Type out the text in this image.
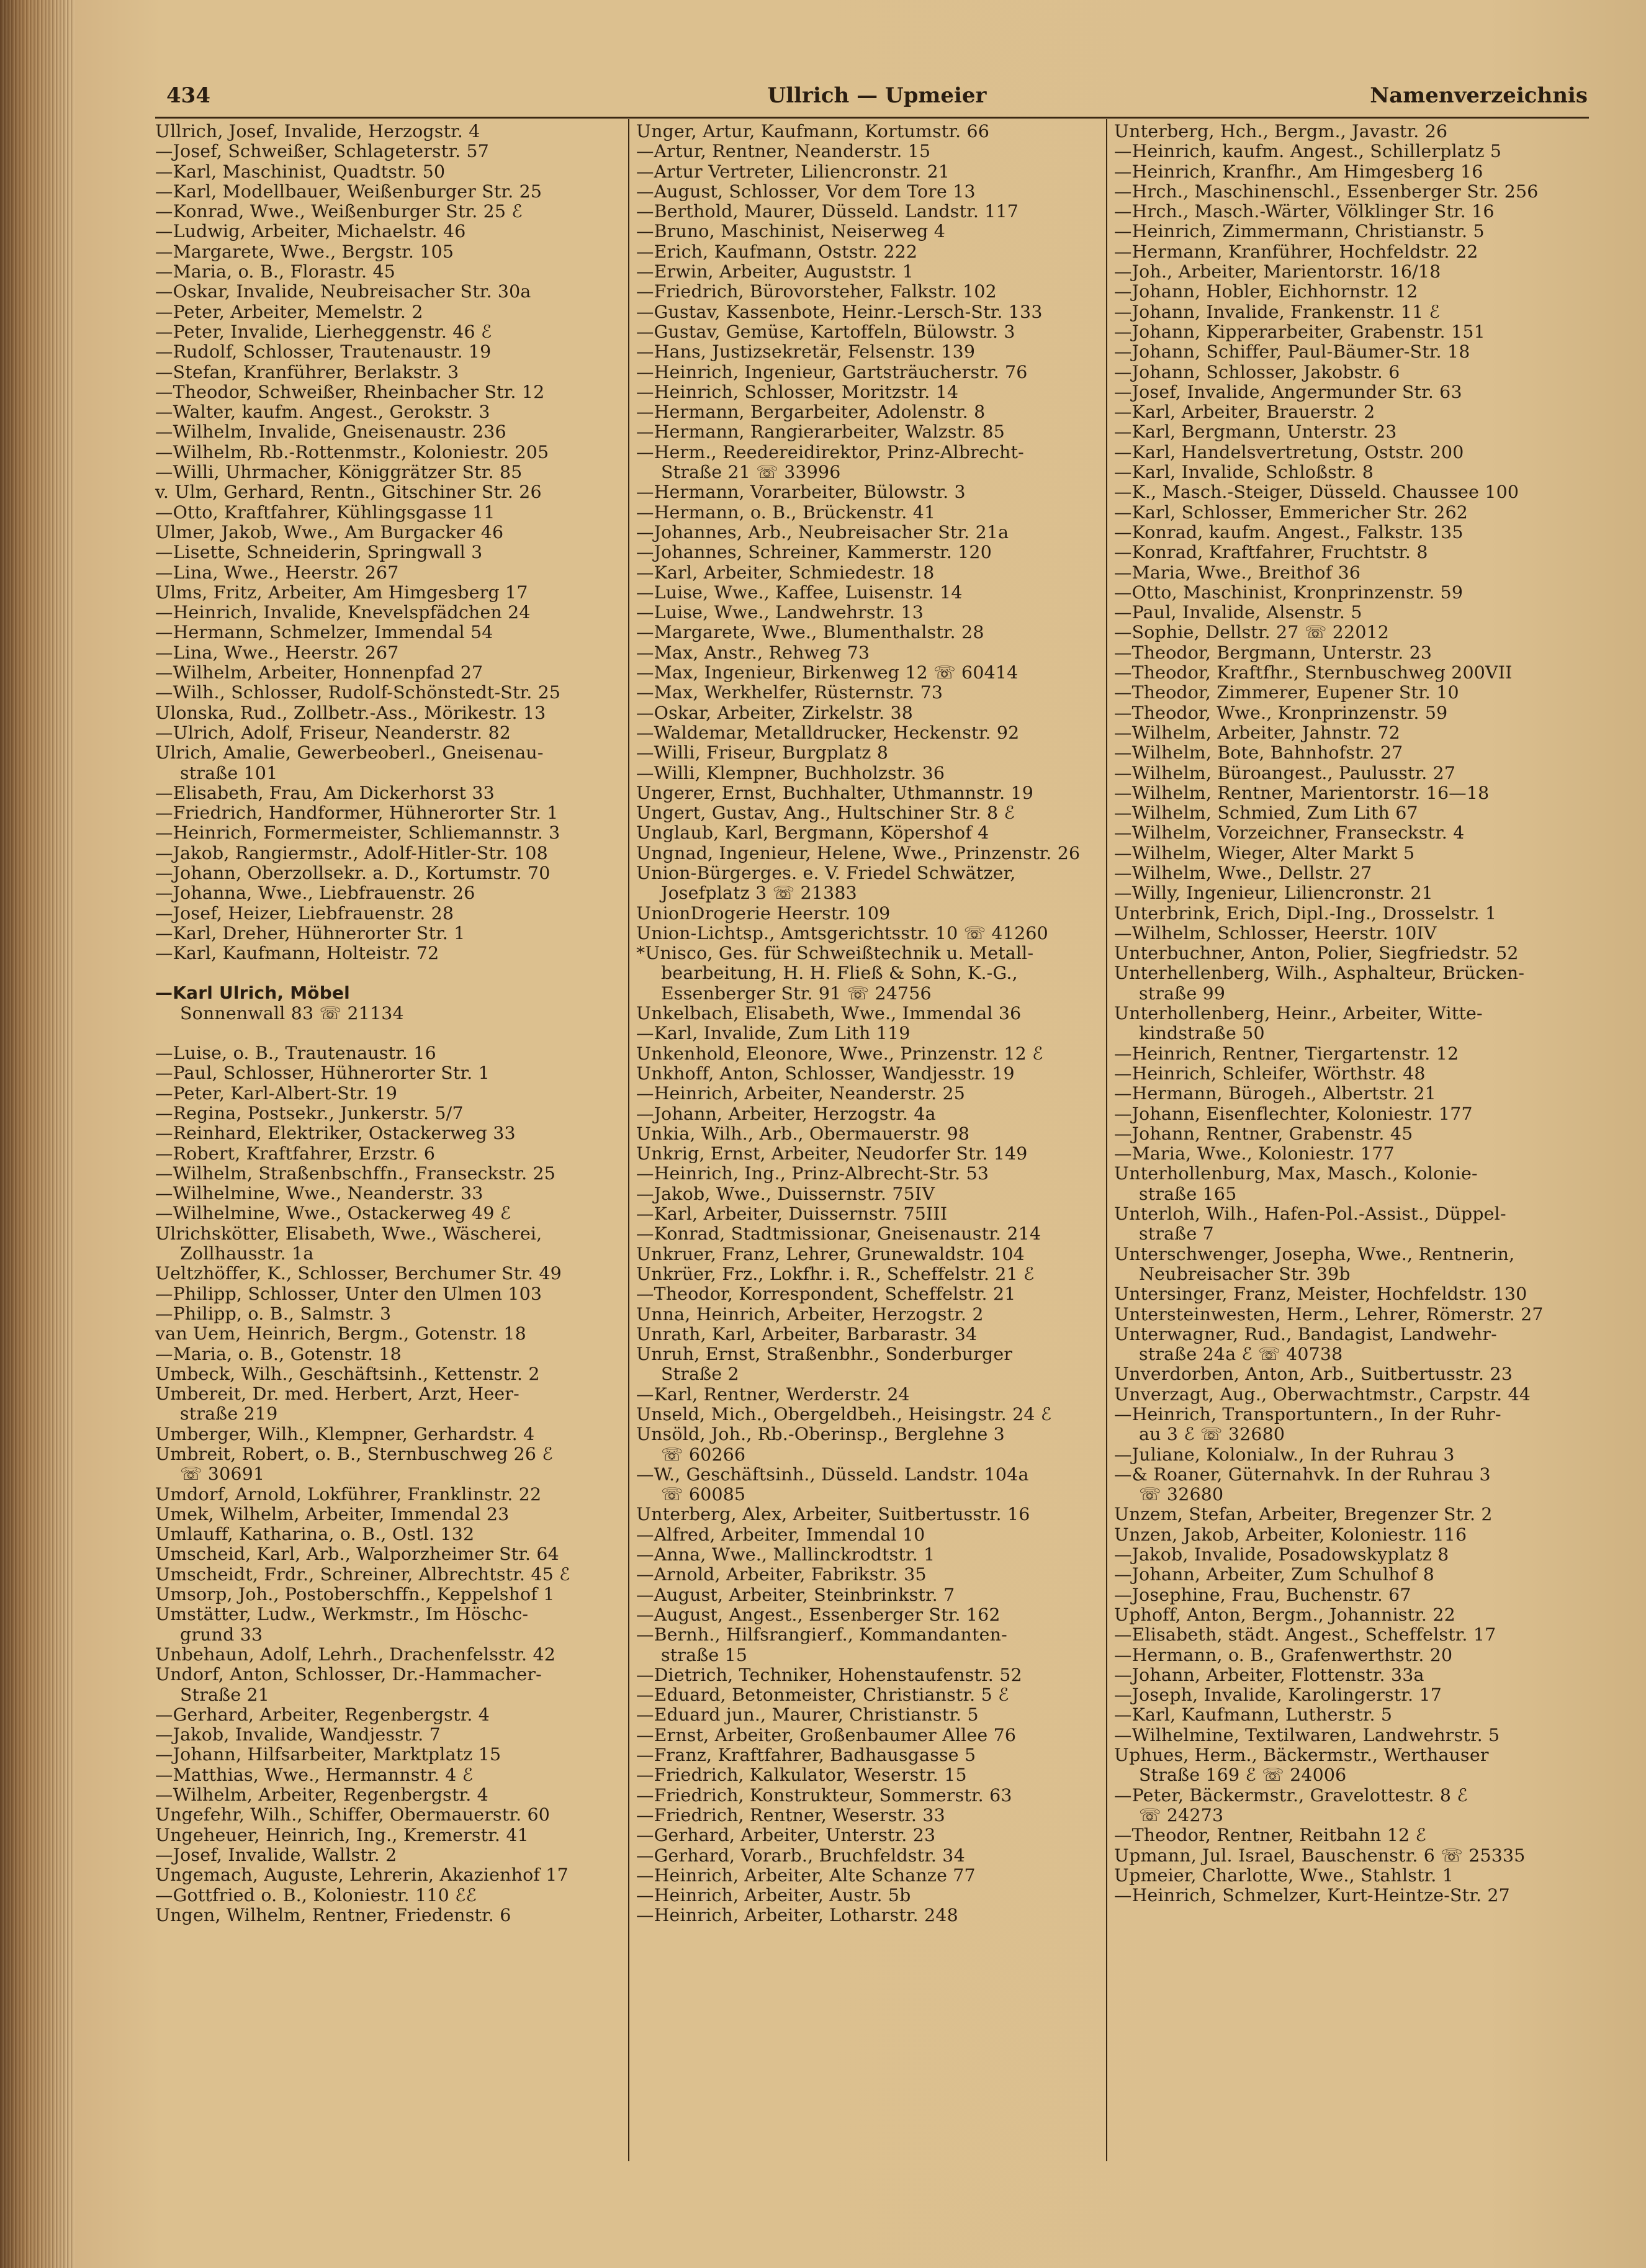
434	Ullrich — Upmeier	Namenverzeichnis
Ullrich, Josef, Invalide, Herzogstr. 4
—Josef, Schweißer, Schlageterstr. 57
—Karl, Maschinist, Quadtstr. 50
—Karl, Modellbauer, Weißenburger Str. 25
—Konrad, Wwe., Weißenburger Str. 25 ℰ
—Ludwig, Arbeiter, Michaelstr. 46
—Margarete, Wwe., Bergstr. 105
—Maria, o. B., Florastr. 45
—Oskar, Invalide, Neubreisacher Str. 30a
—Peter, Arbeiter, Memelstr. 2
—Peter, Invalide, Lierheggenstr. 46 ℰ
—Rudolf, Schlosser, Trautenaustr. 19
—Stefan, Kranführer, Berlakstr. 3
—Theodor, Schweißer, Rheinbacher Str. 12
—Walter, kaufm. Angest., Gerokstr. 3
—Wilhelm, Invalide, Gneisenaustr. 236
—Wilhelm, Rb.-Rottenmstr., Koloniestr. 205
—Willi, Uhrmacher, Königgrätzer Str. 85
v. Ulm, Gerhard, Rentn., Gitschiner Str. 26
—Otto, Kraftfahrer, Kühlingsgasse 11
Ulmer, Jakob, Wwe., Am Burgacker 46
—Lisette, Schneiderin, Springwall 3
—Lina, Wwe., Heerstr. 267
Ulms, Fritz, Arbeiter, Am Himgesberg 17
—Heinrich, Invalide, Knevelspfädchen 24
—Hermann, Schmelzer, Immendal 54
—Lina, Wwe., Heerstr. 267
—Wilhelm, Arbeiter, Honnenpfad 27
—Wilh., Schlosser, Rudolf-Schönstedt-Str. 25
Ulonska, Rud., Zollbetr.-Ass., Mörikestr. 13
—Ulrich, Adolf, Friseur, Neanderstr. 82
Ulrich, Amalie, Gewerbeoberl., Gneisenau-
straße 101
—Elisabeth, Frau, Am Dickerhorst 33
—Friedrich, Handformer, Hühnerorter Str. 1
—Heinrich, Formermeister, Schliemannstr. 3
—Jakob, Rangiermstr., Adolf-Hitler-Str. 108
—Johann, Oberzollsekr. a. D., Kortumstr. 70
—Johanna, Wwe., Liebfrauenstr. 26
—Josef, Heizer, Liebfrauenstr. 28
—Karl, Dreher, Hühnerorter Str. 1
—Karl, Kaufmann, Holteistr. 72
—Karl Ulrich, Möbel
Sonnenwall 83 ☏ 21134
—Luise, o. B., Trautenaustr. 16
—Paul, Schlosser, Hühnerorter Str. 1
—Peter, Karl-Albert-Str. 19
—Regina, Postsekr., Junkerstr. 5/7
—Reinhard, Elektriker, Ostackerweg 33
—Robert, Kraftfahrer, Erzstr. 6
—Wilhelm, Straßenbschffn., Franseckstr. 25
—Wilhelmine, Wwe., Neanderstr. 33
—Wilhelmine, Wwe., Ostackerweg 49 ℰ
Ulrichskötter, Elisabeth, Wwe., Wäscherei,
Zollhausstr. 1a
Ueltzhöffer, K., Schlosser, Berchumer Str. 49
—Philipp, Schlosser, Unter den Ulmen 103
—Philipp, o. B., Salmstr. 3
van Uem, Heinrich, Bergm., Gotenstr. 18
—Maria, o. B., Gotenstr. 18
Umbeck, Wilh., Geschäftsinh., Kettenstr. 2
Umbereit, Dr. med. Herbert, Arzt, Heer-
straße 219
Umberger, Wilh., Klempner, Gerhardstr. 4
Umbreit, Robert, o. B., Sternbuschweg 26 ℰ
☏ 30691
Umdorf, Arnold, Lokführer, Franklinstr. 22
Umek, Wilhelm, Arbeiter, Immendal 23
Umlauff, Katharina, o. B., Ostl. 132
Umscheid, Karl, Arb., Walporzheimer Str. 64
Umscheidt, Frdr., Schreiner, Albrechtstr. 45 ℰ
Umsorp, Joh., Postoberschffn., Keppelshof 1
Umstätter, Ludw., Werkmstr., Im Höschc-
grund 33
Unbehaun, Adolf, Lehrh., Drachenfelsstr. 42
Undorf, Anton, Schlosser, Dr.-Hammacher-
Straße 21
—Gerhard, Arbeiter, Regenbergstr. 4
—Jakob, Invalide, Wandjesstr. 7
—Johann, Hilfsarbeiter, Marktplatz 15
—Matthias, Wwe., Hermannstr. 4 ℰ
—Wilhelm, Arbeiter, Regenbergstr. 4
Ungefehr, Wilh., Schiffer, Obermauerstr. 60
Ungeheuer, Heinrich, Ing., Kremerstr. 41
—Josef, Invalide, Wallstr. 2
Ungemach, Auguste, Lehrerin, Akazienhof 17
—Gottfried o. B., Koloniestr. 110 ℰℰ
Ungen, Wilhelm, Rentner, Friedenstr. 6
Unger, Artur, Kaufmann, Kortumstr. 66
—Artur, Rentner, Neanderstr. 15
—Artur Vertreter, Liliencronstr. 21
—August, Schlosser, Vor dem Tore 13
—Berthold, Maurer, Düsseld. Landstr. 117
—Bruno, Maschinist, Neiserweg 4
—Erich, Kaufmann, Oststr. 222
—Erwin, Arbeiter, Auguststr. 1
—Friedrich, Bürovorsteher, Falkstr. 102
—Gustav, Kassenbote, Heinr.-Lersch-Str. 133
—Gustav, Gemüse, Kartoffeln, Bülowstr. 3
—Hans, Justizsekretär, Felsenstr. 139
—Heinrich, Ingenieur, Gartsträucherstr. 76
—Heinrich, Schlosser, Moritzstr. 14
—Hermann, Bergarbeiter, Adolenstr. 8
—Hermann, Rangierarbeiter, Walzstr. 85
—Herm., Reedereidirektor, Prinz-Albrecht-
Straße 21 ☏ 33996
—Hermann, Vorarbeiter, Bülowstr. 3
—Hermann, o. B., Brückenstr. 41
—Johannes, Arb., Neubreisacher Str. 21a
—Johannes, Schreiner, Kammerstr. 120
—Karl, Arbeiter, Schmiedestr. 18
—Luise, Wwe., Kaffee, Luisenstr. 14
—Luise, Wwe., Landwehrstr. 13
—Margarete, Wwe., Blumenthalstr. 28
—Max, Anstr., Rehweg 73
—Max, Ingenieur, Birkenweg 12 ☏ 60414
—Max, Werkhelfer, Rüsternstr. 73
—Oskar, Arbeiter, Zirkelstr. 38
—Waldemar, Metalldrucker, Heckenstr. 92
—Willi, Friseur, Burgplatz 8
—Willi, Klempner, Buchholzstr. 36
Ungerer, Ernst, Buchhalter, Uthmannstr. 19
Ungert, Gustav, Ang., Hultschiner Str. 8 ℰ
Unglaub, Karl, Bergmann, Köpershof 4
Ungnad, Ingenieur, Helene, Wwe., Prinzenstr. 26
Union-Bürgerges. e. V. Friedel Schwätzer,
Josefplatz 3 ☏ 21383
UnionDrogerie Heerstr. 109
Union-Lichtsp., Amtsgerichtsstr. 10 ☏ 41260
*Unisco, Ges. für Schweißtechnik u. Metall-
bearbeitung, H. H. Fließ & Sohn, K.-G.,
Essenberger Str. 91 ☏ 24756
Unkelbach, Elisabeth, Wwe., Immendal 36
—Karl, Invalide, Zum Lith 119
Unkenhold, Eleonore, Wwe., Prinzenstr. 12 ℰ
Unkhoff, Anton, Schlosser, Wandjesstr. 19
—Heinrich, Arbeiter, Neanderstr. 25
—Johann, Arbeiter, Herzogstr. 4a
Unkia, Wilh., Arb., Obermauerstr. 98
Unkrig, Ernst, Arbeiter, Neudorfer Str. 149
—Heinrich, Ing., Prinz-Albrecht-Str. 53
—Jakob, Wwe., Duissernstr. 75IV
—Karl, Arbeiter, Duissernstr. 75III
—Konrad, Stadtmissionar, Gneisenaustr. 214
Unkruer, Franz, Lehrer, Grunewaldstr. 104
Unkrüer, Frz., Lokfhr. i. R., Scheffelstr. 21 ℰ
—Theodor, Korrespondent, Scheffelstr. 21
Unna, Heinrich, Arbeiter, Herzogstr. 2
Unrath, Karl, Arbeiter, Barbarastr. 34
Unruh, Ernst, Straßenbhr., Sonderburger
Straße 2
—Karl, Rentner, Werderstr. 24
Unseld, Mich., Obergeldbeh., Heisingstr. 24 ℰ
Unsöld, Joh., Rb.-Oberinsp., Berglehne 3
☏ 60266
—W., Geschäftsinh., Düsseld. Landstr. 104a
☏ 60085
Unterberg, Alex, Arbeiter, Suitbertusstr. 16
—Alfred, Arbeiter, Immendal 10
—Anna, Wwe., Mallinckrodtstr. 1
—Arnold, Arbeiter, Fabrikstr. 35
—August, Arbeiter, Steinbrinkstr. 7
—August, Angest., Essenberger Str. 162
—Bernh., Hilfsrangierf., Kommandanten-
straße 15
—Dietrich, Techniker, Hohenstaufenstr. 52
—Eduard, Betonmeister, Christianstr. 5 ℰ
—Eduard jun., Maurer, Christianstr. 5
—Ernst, Arbeiter, Großenbaumer Allee 76
—Franz, Kraftfahrer, Badhausgasse 5
—Friedrich, Kalkulator, Weserstr. 15
—Friedrich, Konstrukteur, Sommerstr. 63
—Friedrich, Rentner, Weserstr. 33
—Gerhard, Arbeiter, Unterstr. 23
—Gerhard, Vorarb., Bruchfeldstr. 34
—Heinrich, Arbeiter, Alte Schanze 77
—Heinrich, Arbeiter, Austr. 5b
—Heinrich, Arbeiter, Lotharstr. 248
Unterberg, Hch., Bergm., Javastr. 26
—Heinrich, kaufm. Angest., Schillerplatz 5
—Heinrich, Kranfhr., Am Himgesberg 16
—Hrch., Maschinenschl., Essenberger Str. 256
—Hrch., Masch.-Wärter, Völklinger Str. 16
—Heinrich, Zimmermann, Christianstr. 5
—Hermann, Kranführer, Hochfeldstr. 22
—Joh., Arbeiter, Marientorstr. 16/18
—Johann, Hobler, Eichhornstr. 12
—Johann, Invalide, Frankenstr. 11 ℰ
—Johann, Kipperarbeiter, Grabenstr. 151
—Johann, Schiffer, Paul-Bäumer-Str. 18
—Johann, Schlosser, Jakobstr. 6
—Josef, Invalide, Angermunder Str. 63
—Karl, Arbeiter, Brauerstr. 2
—Karl, Bergmann, Unterstr. 23
—Karl, Handelsvertretung, Oststr. 200
—Karl, Invalide, Schloßstr. 8
—K., Masch.-Steiger, Düsseld. Chaussee 100
—Karl, Schlosser, Emmericher Str. 262
—Konrad, kaufm. Angest., Falkstr. 135
—Konrad, Kraftfahrer, Fruchtstr. 8
—Maria, Wwe., Breithof 36
—Otto, Maschinist, Kronprinzenstr. 59
—Paul, Invalide, Alsenstr. 5
—Sophie, Dellstr. 27 ☏ 22012
—Theodor, Bergmann, Unterstr. 23
—Theodor, Kraftfhr., Sternbuschweg 200VII
—Theodor, Zimmerer, Eupener Str. 10
—Theodor, Wwe., Kronprinzenstr. 59
—Wilhelm, Arbeiter, Jahnstr. 72
—Wilhelm, Bote, Bahnhofstr. 27
—Wilhelm, Büroangest., Paulusstr. 27
—Wilhelm, Rentner, Marientorstr. 16—18
—Wilhelm, Schmied, Zum Lith 67
—Wilhelm, Vorzeichner, Franseckstr. 4
—Wilhelm, Wieger, Alter Markt 5
—Wilhelm, Wwe., Dellstr. 27
—Willy, Ingenieur, Liliencronstr. 21
Unterbrink, Erich, Dipl.-Ing., Drosselstr. 1
—Wilhelm, Schlosser, Heerstr. 10IV
Unterbuchner, Anton, Polier, Siegfriedstr. 52
Unterhellenberg, Wilh., Asphalteur, Brücken-
straße 99
Unterhollenberg, Heinr., Arbeiter, Witte-
kindstraße 50
—Heinrich, Rentner, Tiergartenstr. 12
—Heinrich, Schleifer, Wörthstr. 48
—Hermann, Bürogeh., Albertstr. 21
—Johann, Eisenflechter, Koloniestr. 177
—Johann, Rentner, Grabenstr. 45
—Maria, Wwe., Koloniestr. 177
Unterhollenburg, Max, Masch., Kolonie-
straße 165
Unterloh, Wilh., Hafen-Pol.-Assist., Düppel-
straße 7
Unterschwenger, Josepha, Wwe., Rentnerin,
Neubreisacher Str. 39b
Untersinger, Franz, Meister, Hochfeldstr. 130
Untersteinwesten, Herm., Lehrer, Römerstr. 27
Unterwagner, Rud., Bandagist, Landwehr-
straße 24a ℰ ☏ 40738
Unverdorben, Anton, Arb., Suitbertusstr. 23
Unverzagt, Aug., Oberwachtmstr., Carpstr. 44
—Heinrich, Transportuntern., In der Ruhr-
au 3 ℰ ☏ 32680
—Juliane, Kolonialw., In der Ruhrau 3
—& Roaner, Güternahvk. In der Ruhrau 3
☏ 32680
Unzem, Stefan, Arbeiter, Bregenzer Str. 2
Unzen, Jakob, Arbeiter, Koloniestr. 116
—Jakob, Invalide, Posadowskyplatz 8
—Johann, Arbeiter, Zum Schulhof 8
—Josephine, Frau, Buchenstr. 67
Uphoff, Anton, Bergm., Johannistr. 22
—Elisabeth, städt. Angest., Scheffelstr. 17
—Hermann, o. B., Grafenwerthstr. 20
—Johann, Arbeiter, Flottenstr. 33a
—Joseph, Invalide, Karolingerstr. 17
—Karl, Kaufmann, Lutherstr. 5
—Wilhelmine, Textilwaren, Landwehrstr. 5
Uphues, Herm., Bäckermstr., Werthauser
Straße 169 ℰ ☏ 24006
—Peter, Bäckermstr., Gravelottestr. 8 ℰ
☏ 24273
—Theodor, Rentner, Reitbahn 12 ℰ
Upmann, Jul. Israel, Bauschenstr. 6 ☏ 25335
Upmeier, Charlotte, Wwe., Stahlstr. 1
—Heinrich, Schmelzer, Kurt-Heintze-Str. 27
